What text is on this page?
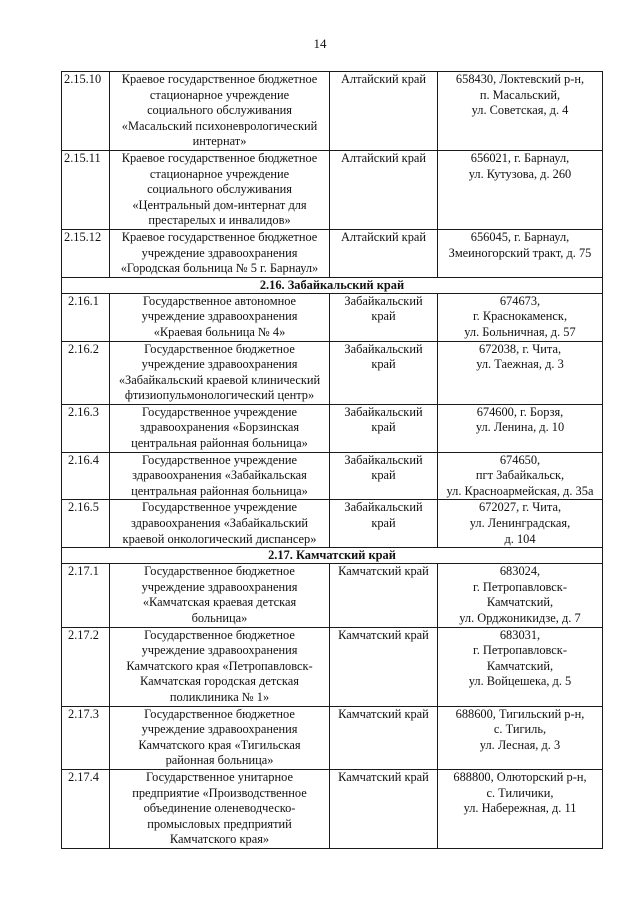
14
2.15.10	Краевое государственное бюджетное
стационарное учреждение
социального обслуживания
«Масальский психоневрологический
интернат»	Алтайский край	658430, Локтевский р-н,
п. Масальский,
ул. Советская, д. 4

2.15.11	Краевое государственное бюджетное
стационарное учреждение
социального обслуживания
«Центральный дом-интернат для
престарелых и инвалидов»	Алтайский край	656021, г. Барнаул,
ул. Кутузова, д. 260

2.15.12	Краевое государственное бюджетное
учреждение здравоохранения
«Городская больница № 5 г. Барнаул»	Алтайский край	656045, г. Барнаул,
Змеиногорский тракт, д. 75

2.16. Забайкальский край			
2.16.1	Государственное автономное
учреждение здравоохранения
«Краевая больница № 4»	Забайкальский
край	674673,
г. Краснокаменск,
ул. Больничная, д. 57

2.16.2	Государственное бюджетное
учреждение здравоохранения
«Забайкальский краевой клинический
фтизиопульмонологический центр»	Забайкальский
край	672038, г. Чита,
ул. Таежная, д. 3

2.16.3	Государственное учреждение
здравоохранения «Борзинская
центральная районная больница»	Забайкальский
край	674600, г. Борзя,
ул. Ленина, д. 10

2.16.4	Государственное учреждение
здравоохранения «Забайкальская
центральная районная больница»	Забайкальский
край	674650,
пгт Забайкальск,
ул. Красноармейская, д. 35а

2.16.5	Государственное учреждение
здравоохранения «Забайкальский
краевой онкологический диспансер»	Забайкальский
край	672027, г. Чита,
ул. Ленинградская,
д. 104

2.17. Камчатский край			
2.17.1	Государственное бюджетное
учреждение здравоохранения
«Камчатская краевая детская
больница»	Камчатский край	683024,
г. Петропавловск-
Камчатский,
ул. Орджоникидзе, д. 7

2.17.2	Государственное бюджетное
учреждение здравоохранения
Камчатского края «Петропавловск-
Камчатская городская детская
поликлиника № 1»	Камчатский край	683031,
г. Петропавловск-
Камчатский,
ул. Войцешека, д. 5

2.17.3	Государственное бюджетное
учреждение здравоохранения
Камчатского края «Тигильская
районная больница»	Камчатский край	688600, Тигильский р-н,
с. Тигиль,
ул. Лесная, д. 3

2.17.4	Государственное унитарное
предприятие «Производственное
объединение оленеводческо-
промысловых предприятий
Камчатского края»	Камчатский край	688800, Олюторский р-н,
с. Тиличики,
ул. Набережная, д. 11
